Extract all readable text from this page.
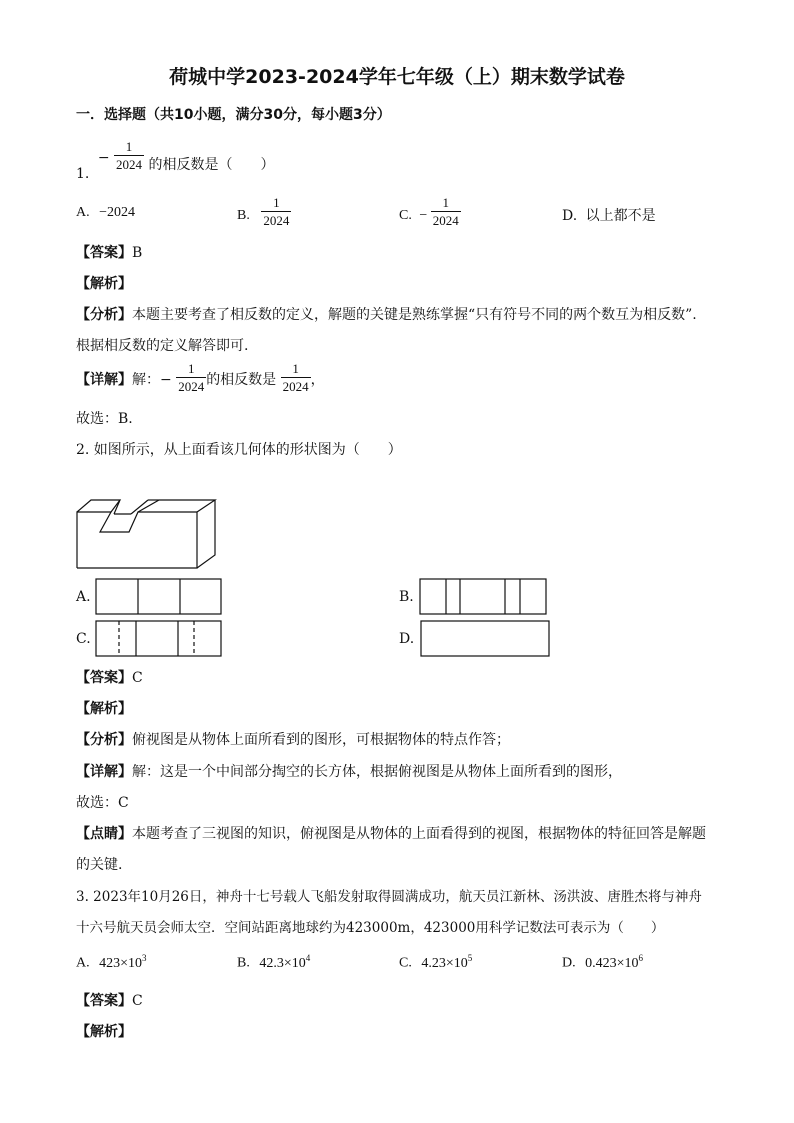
荷城中学2023-2024学年七年级（上）期末数学试卷
一．选择题（共10小题，满分30分，每小题3分）
1. − $\frac{1}{2024}$ 的相反数是（　　）
A. −2024	B. $\frac{1}{2024}$	C. − $\frac{1}{2024}$	D. 以上都不是
【答案】B
【解析】
【分析】本题主要考查了相反数的定义，解题的关键是熟练掌握“只有符号不同的两个数互为相反数”.
根据相反数的定义解答即可.
【详解】解：− $\frac{1}{2024}$ 的相反数是 $\frac{1}{2024}$ ，
故选：B.
2. 如图所示，从上面看该几何体的形状图为（　　）
A.	B.
C.	D.
【答案】C
【解析】
【分析】俯视图是从物体上面所看到的图形，可根据物体的特点作答；
【详解】解：这是一个中间部分掏空的长方体，根据俯视图是从物体上面所看到的图形，
故选：C
【点睛】本题考查了三视图的知识，俯视图是从物体的上面看得到的视图，根据物体的特征回答是解题
的关键.
3. 2023年10月26日，神舟十七号载人飞船发射取得圆满成功，航天员江新林、汤洪波、唐胜杰将与神舟
十六号航天员会师太空．空间站距离地球约为423000m，423000用科学记数法可表示为（　　）
A. $423\times 10^3$	B. $42.3\times 10^4$	C. $4.23\times 10^5$	D. $0.423\times 10^6$
【答案】C
【解析】
